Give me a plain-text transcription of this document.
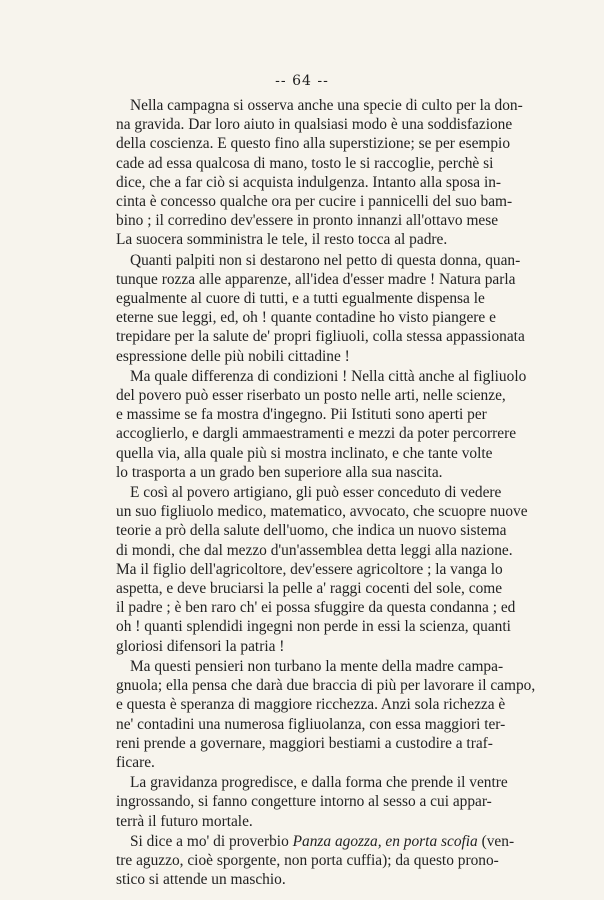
-- 64 --
Nella campagna si osserva anche una specie di culto per la don-
na gravida. Dar loro aiuto in qualsiasi modo è una soddisfazione
della coscienza. E questo fino alla superstizione; se per esempio
cade ad essa qualcosa di mano, tosto le si raccoglie, perchè si
dice, che a far ciò si acquista indulgenza. Intanto alla sposa in-
cinta è concesso qualche ora per cucire i pannicelli del suo bam-
bino ; il corredino dev'essere in pronto innanzi all'ottavo mese
La suocera somministra le tele, il resto tocca al padre.
Quanti palpiti non si destarono nel petto di questa donna, quan-
tunque rozza alle apparenze, all'idea d'esser madre ! Natura parla
egualmente al cuore di tutti, e a tutti egualmente dispensa le
eterne sue leggi, ed, oh ! quante contadine ho visto piangere e
trepidare per la salute de' propri figliuoli, colla stessa appassionata
espressione delle più nobili cittadine !
Ma quale differenza di condizioni ! Nella città anche al figliuolo
del povero può esser riserbato un posto nelle arti, nelle scienze,
e massime se fa mostra d'ingegno. Pii Istituti sono aperti per
accoglierlo, e dargli ammaestramenti e mezzi da poter percorrere
quella via, alla quale più si mostra inclinato, e che tante volte
lo trasporta a un grado ben superiore alla sua nascita.
E così al povero artigiano, gli può esser conceduto di vedere
un suo figliuolo medico, matematico, avvocato, che scuopre nuove
teorie a prò della salute dell'uomo, che indica un nuovo sistema
di mondi, che dal mezzo d'un'assemblea detta leggi alla nazione.
Ma il figlio dell'agricoltore, dev'essere agricoltore ; la vanga lo
aspetta, e deve bruciarsi la pelle a' raggi cocenti del sole, come
il padre ; è ben raro ch' ei possa sfuggire da questa condanna ; ed
oh ! quanti splendidi ingegni non perde in essi la scienza, quanti
gloriosi difensori la patria !
Ma questi pensieri non turbano la mente della madre campa-
gnuola; ella pensa che darà due braccia di più per lavorare il campo,
e questa è speranza di maggiore ricchezza. Anzi sola richezza è
ne' contadini una numerosa figliuolanza, con essa maggiori ter-
reni prende a governare, maggiori bestiami a custodire a traf-
ficare.
La gravidanza progredisce, e dalla forma che prende il ventre
ingrossando, si fanno congetture intorno al sesso a cui appar-
terrà il futuro mortale.
Si dice a mo' di proverbio Panza agozza, en porta scofia (ven-
tre aguzzo, cioè sporgente, non porta cuffia); da questo prono-
stico si attende un maschio.
